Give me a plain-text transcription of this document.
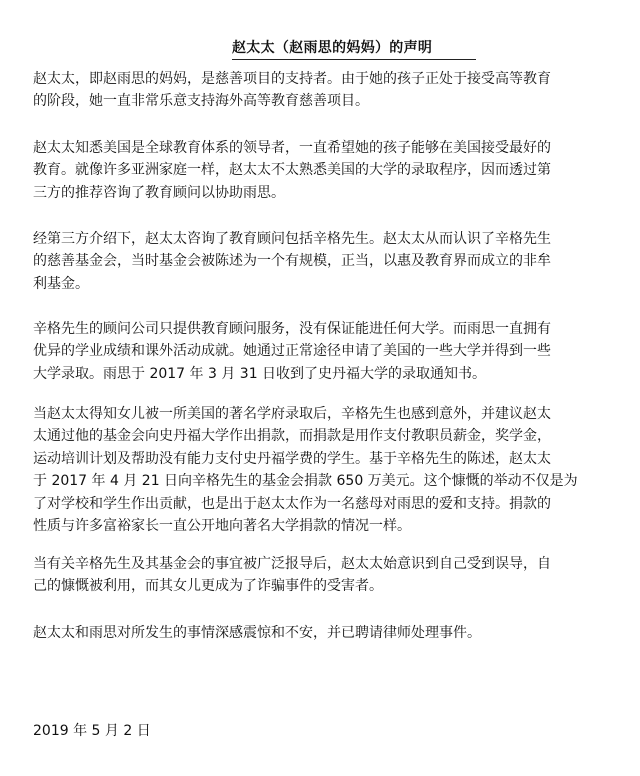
赵太太（赵雨思的妈妈）的声明

赵太太，即赵雨思的妈妈，是慈善项目的支持者。由于她的孩子正处于接受高等教育
的阶段，她一直非常乐意支持海外高等教育慈善项目。

赵太太知悉美国是全球教育体系的领导者，一直希望她的孩子能够在美国接受最好的
教育。就像许多亚洲家庭一样，赵太太不太熟悉美国的大学的录取程序，因而透过第
三方的推荐咨询了教育顾问以协助雨思。

经第三方介绍下，赵太太咨询了教育顾问包括辛格先生。赵太太从而认识了辛格先生
的慈善基金会，当时基金会被陈述为一个有规模，正当，以惠及教育界而成立的非牟
利基金。

辛格先生的顾问公司只提供教育顾问服务，没有保证能进任何大学。而雨思一直拥有
优异的学业成绩和课外活动成就。她通过正常途径申请了美国的一些大学并得到一些
大学录取。雨思于 2017 年 3 月 31 日收到了史丹福大学的录取通知书。

当赵太太得知女儿被一所美国的著名学府录取后，辛格先生也感到意外，并建议赵太
太通过他的基金会向史丹福大学作出捐款，而捐款是用作支付教职员薪金，奖学金，
运动培训计划及帮助没有能力支付史丹福学费的学生。基于辛格先生的陈述，赵太太
于 2017 年 4 月 21 日向辛格先生的基金会捐款 650 万美元。这个慷慨的举动不仅是为
了对学校和学生作出贡献，也是出于赵太太作为一名慈母对雨思的爱和支持。捐款的
性质与许多富裕家长一直公开地向著名大学捐款的情况一样。

当有关辛格先生及其基金会的事宜被广泛报导后，赵太太始意识到自己受到误导，自
己的慷慨被利用，而其女儿更成为了诈骗事件的受害者。

赵太太和雨思对所发生的事情深感震惊和不安，并已聘请律师处理事件。

2019 年 5 月 2 日
